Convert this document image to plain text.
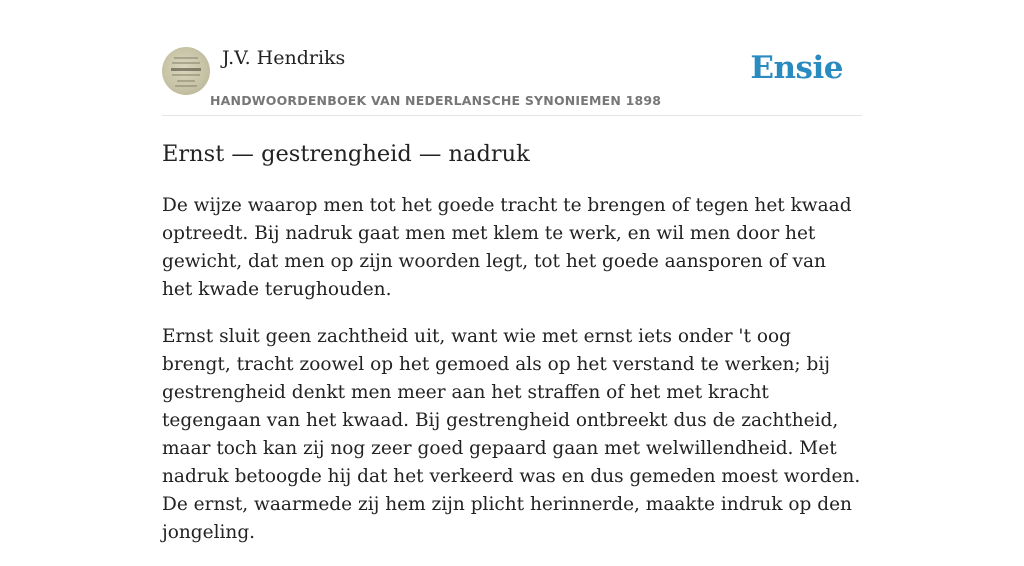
J.V. Hendriks
HANDWOORDENBOEK VAN NEDERLANSCHE SYNONIEMEN 1898
Ensie
Ernst — gestrengheid — nadruk

De wijze waarop men tot het goede tracht te brengen of tegen het kwaad optreedt. Bij nadruk gaat men met klem te werk, en wil men door het gewicht, dat men op zijn woorden legt, tot het goede aansporen of van het kwade terughouden.

Ernst sluit geen zachtheid uit, want wie met ernst iets onder 't oog brengt, tracht zoowel op het gemoed als op het verstand te werken; bij gestrengheid denkt men meer aan het straffen of het met kracht tegengaan van het kwaad. Bij gestrengheid ontbreekt dus de zachtheid, maar toch kan zij nog zeer goed gepaard gaan met welwillendheid. Met nadruk betoogde hij dat het verkeerd was en dus gemeden moest worden. De ernst, waarmede zij hem zijn plicht herinnerde, maakte indruk op den jongeling.
